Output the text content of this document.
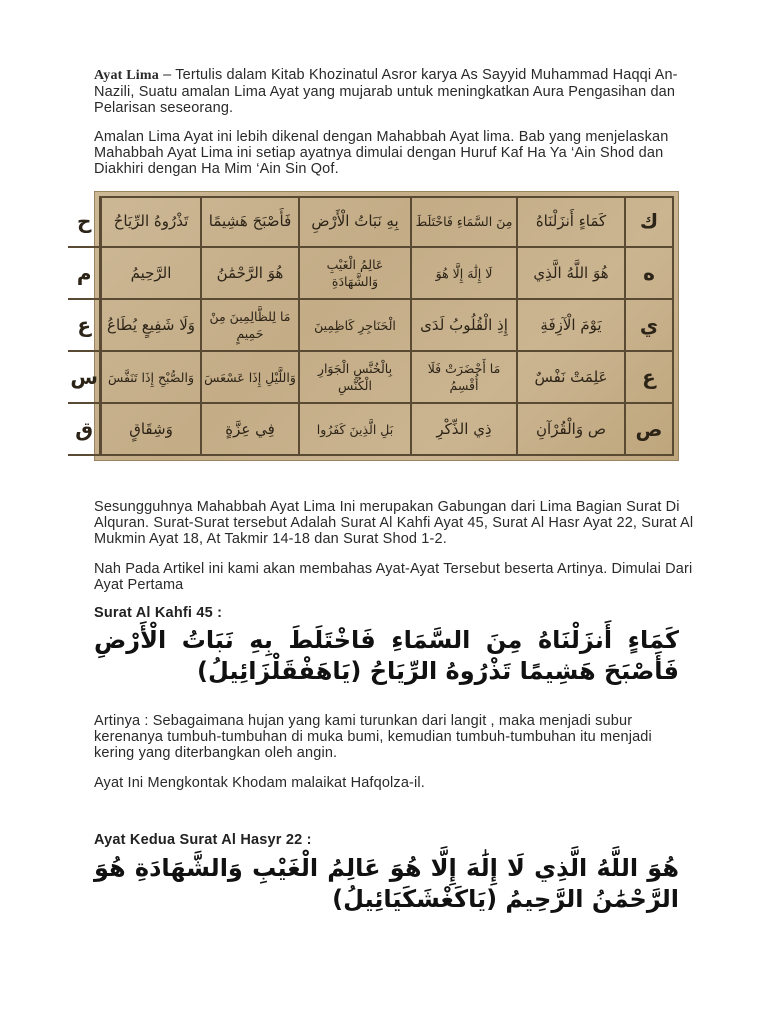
Ayat Lima – Tertulis dalam Kitab Khozinatul Asror karya As Sayyid Muhammad Haqqi An-Nazili, Suatu amalan Lima Ayat yang mujarab untuk meningkatkan Aura Pengasihan dan Pelarisan seseorang.

Amalan Lima Ayat ini lebih dikenal dengan Mahabbah Ayat lima. Bab yang menjelaskan Mahabbah Ayat Lima ini setiap ayatnya dimulai dengan Huruf Kaf Ha Ya ‘Ain Shod dan Diakhiri dengan Ha Mim ‘Ain Sin Qof.

ك
كَمَاءٍ أَنزَلْنَاهُ
مِنَ السَّمَاءِ فَاخْتَلَطَ
بِهِ نَبَاتُ الْأَرْضِ
فَأَصْبَحَ هَشِيمًا
تَذْرُوهُ الرِّيَاحُ
ح
ه
هُوَ اللَّهُ الَّذِي
لَا إِلَٰهَ إِلَّا هُوَ
عَالِمُ الْغَيْبِ وَالشَّهَادَةِ
هُوَ الرَّحْمَٰنُ
الرَّحِيمُ
م
ي
يَوْمَ الْآزِفَةِ
إِذِ الْقُلُوبُ لَدَى
الْحَنَاجِرِ كَاظِمِينَ
مَا لِلظَّالِمِينَ مِنْ حَمِيمٍ
وَلَا شَفِيعٍ يُطَاعُ
ع
ع
عَلِمَتْ نَفْسٌ
مَا أَحْضَرَتْ فَلَا أُقْسِمُ
بِالْخُنَّسِ الْجَوَارِ الْكُنَّسِ
وَاللَّيْلِ إِذَا عَسْعَسَ
وَالصُّبْحِ إِذَا تَنَفَّسَ
س
ص
ص وَالْقُرْآنِ
ذِي الذِّكْرِ
بَلِ الَّذِينَ كَفَرُوا
فِي عِزَّةٍ
وَشِقَاقٍ
ق

Sesungguhnya Mahabbah Ayat Lima Ini merupakan Gabungan dari Lima Bagian Surat Di Alquran. Surat-Surat tersebut Adalah Surat Al Kahfi Ayat 45, Surat Al Hasr Ayat 22, Surat Al Mukmin Ayat 18, At Takmir 14-18 dan Surat Shod 1-2.

Nah Pada Artikel ini kami akan membahas Ayat-Ayat Tersebut beserta Artinya. Dimulai Dari Ayat Pertama

Surat Al Kahfi 45 :

كَمَاءٍ أَنزَلْنَاهُ مِنَ السَّمَاءِ فَاخْتَلَطَ بِهِ نَبَاتُ الْأَرْضِ فَأَصْبَحَ هَشِيمًا تَذْرُوهُ الرِّيَاحُ (يَاهَفْقَلْزَائِيلُ)

Artinya : Sebagaimana hujan yang kami turunkan dari langit , maka menjadi subur kerenanya tumbuh-tumbuhan di muka bumi, kemudian tumbuh-tumbuhan itu menjadi kering yang diterbangkan oleh angin.

Ayat Ini Mengkontak Khodam malaikat Hafqolza-il.

Ayat Kedua Surat Al Hasyr 22 :

هُوَ اللَّهُ الَّذِي لَا إِلَٰهَ إِلَّا هُوَ عَالِمُ الْغَيْبِ وَالشَّهَادَةِ هُوَ الرَّحْمَٰنُ الرَّحِيمُ (يَاكَغْشَكَيَائِيلُ)
